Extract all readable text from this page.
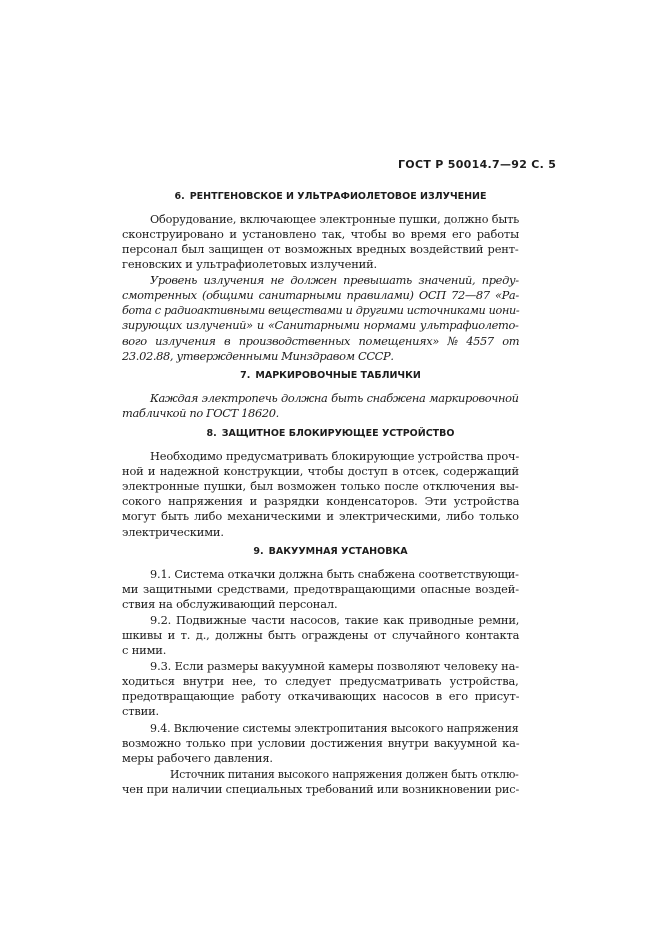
ГОСТ Р 50014.7—92 С. 5
6. РЕНТГЕНОВСКОЕ И УЛЬТРАФИОЛЕТОВОЕ ИЗЛУЧЕНИЕ
Оборудование, включающее электронные пушки, должно быть
сконструировано и установлено так, чтобы во время его работы
персонал был защищен от возможных вредных воздействий рент-
геновских и ультрафиолетовых излучений.
Уровень излучения не должен превышать значений, преду-
смотренных (общими санитарными правилами) ОСП 72—87 «Ра-
бота с радиоактивными веществами и другими источниками иони-
зирующих излучений» и «Санитарными нормами ультрафиолето-
вого излучения в производственных помещениях» № 4557 от
23.02.88, утвержденными Минздравом СССР.
7. МАРКИРОВОЧНЫЕ ТАБЛИЧКИ
Каждая электропечь должна быть снабжена маркировочной
табличкой по ГОСТ 18620.
8. ЗАЩИТНОЕ БЛОКИРУЮЩЕЕ УСТРОЙСТВО
Необходимо предусматривать блокирующие устройства проч-
ной и надежной конструкции, чтобы доступ в отсек, содержащий
электронные пушки, был возможен только после отключения вы-
сокого напряжения и разрядки конденсаторов. Эти устройства
могут быть либо механическими и электрическими, либо только
электрическими.
9. ВАКУУМНАЯ УСТАНОВКА
9.1. Система откачки должна быть снабжена соответствующи-
ми защитными средствами, предотвращающими опасные воздей-
ствия на обслуживающий персонал.
9.2. Подвижные части насосов, такие как приводные ремни,
шкивы и т. д., должны быть ограждены от случайного контакта
с ними.
9.3. Если размеры вакуумной камеры позволяют человеку на-
ходиться внутри нее, то следует предусматривать устройства,
предотвращающие работу откачивающих насосов в его присут-
ствии.
9.4. Включение системы электропитания высокого напряжения
возможно только при условии достижения внутри вакуумной ка-
меры рабочего давления.
Источник питания высокого напряжения должен быть отклю-
чен при наличии специальных требований или возникновении рис-
